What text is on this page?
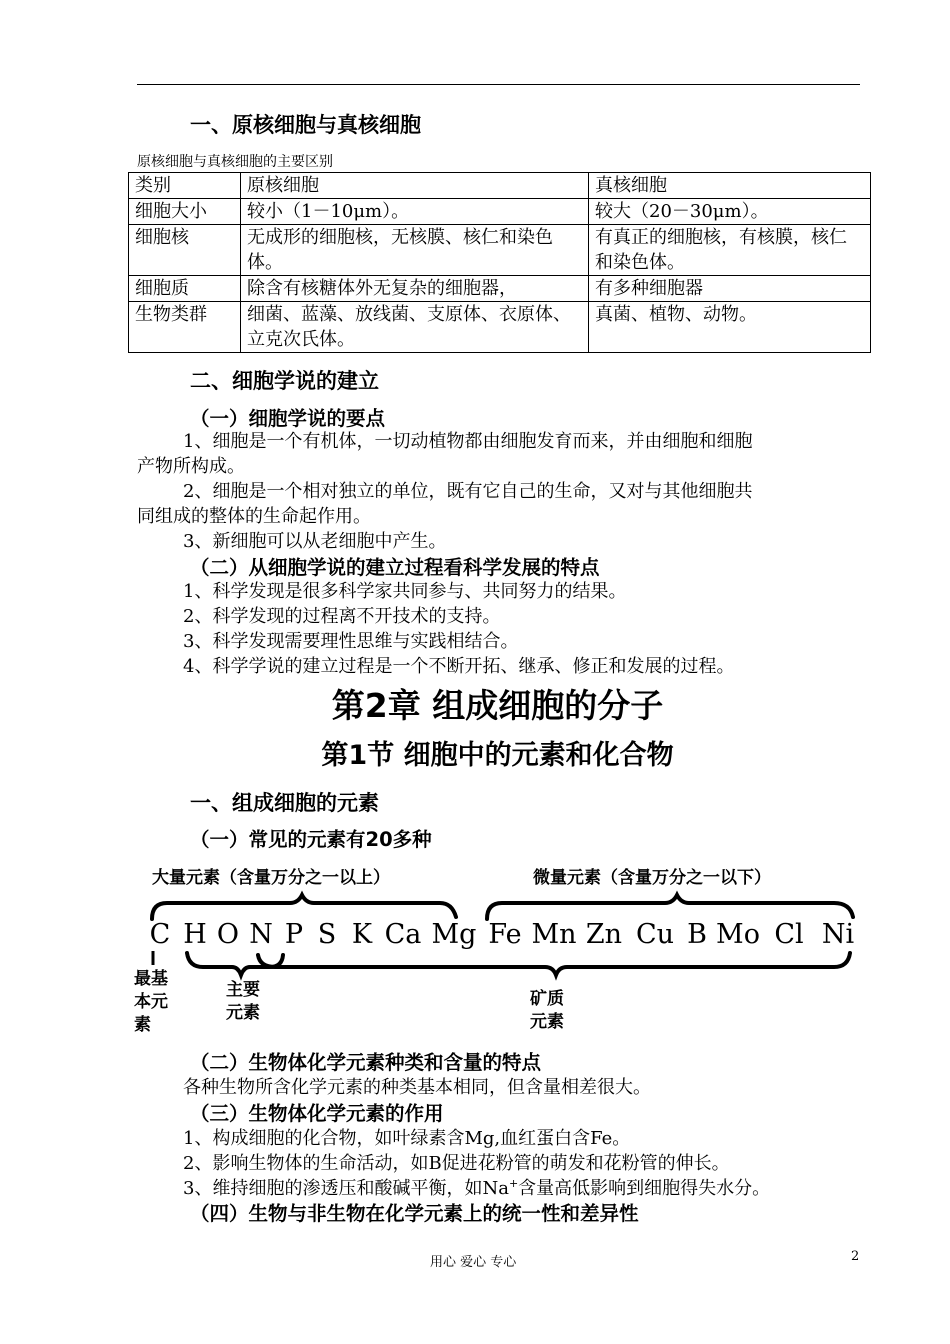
一、原核细胞与真核细胞
原核细胞与真核细胞的主要区别
类别	原核细胞	真核细胞
细胞大小	较小（1－10μm）。	较大（20－30μm）。
细胞核	无成形的细胞核，无核膜、核仁和染色体。	有真正的细胞核，有核膜，核仁和染色体。
细胞质	除含有核糖体外无复杂的细胞器，	有多种细胞器
生物类群	细菌、蓝藻、放线菌、支原体、衣原体、立克次氏体。	真菌、植物、动物。
二、细胞学说的建立
（一）细胞学说的要点
1、细胞是一个有机体，一切动植物都由细胞发育而来，并由细胞和细胞
产物所构成。
2、细胞是一个相对独立的单位，既有它自己的生命，又对与其他细胞共
同组成的整体的生命起作用。
3、新细胞可以从老细胞中产生。
（二）从细胞学说的建立过程看科学发展的特点
1、科学发现是很多科学家共同参与、共同努力的结果。
2、科学发现的过程离不开技术的支持。
3、科学发现需要理性思维与实践相结合。
4、科学学说的建立过程是一个不断开拓、继承、修正和发展的过程。
第2章 组成细胞的分子
第1节 细胞中的元素和化合物
一、组成细胞的元素
（一）常见的元素有20多种
大量元素（含量万分之一以上）	微量元素（含量万分之一以下）
C H O N P S K Ca Mg Fe Mn Zn Cu B Mo Cl Ni
最基
本元
素
主要
元素
矿质
元素
（二）生物体化学元素种类和含量的特点
各种生物所含化学元素的种类基本相同，但含量相差很大。
（三）生物体化学元素的作用
1、构成细胞的化合物，如叶绿素含Mg,血红蛋白含Fe。
2、影响生物体的生命活动，如B促进花粉管的萌发和花粉管的伸长。
3、维持细胞的渗透压和酸碱平衡，如Na+含量高低影响到细胞得失水分。
（四）生物与非生物在化学元素上的统一性和差异性
用心 爱心 专心	2
